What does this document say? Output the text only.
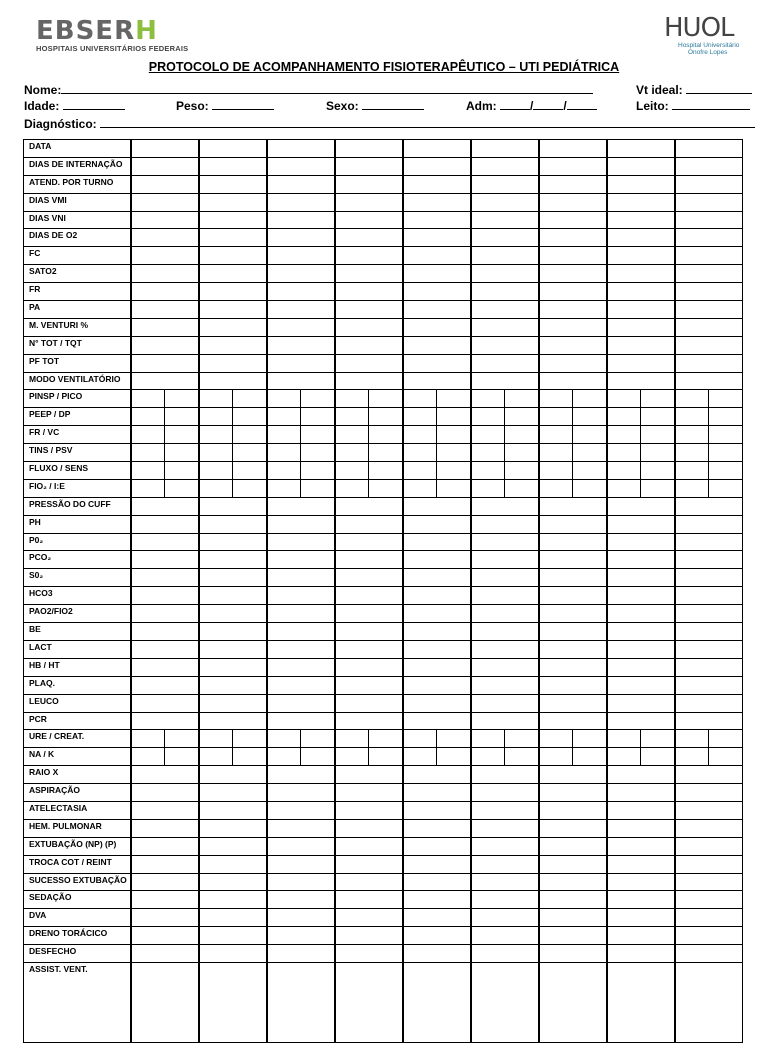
EBSERH
HOSPITAIS UNIVERSITÁRIOS FEDERAIS
HUOL
Hospital Universitário
Onofre Lopes
PROTOCOLO DE ACOMPANHAMENTO FISIOTERAPÊUTICO – UTI PEDIÁTRICA
Nome:	Vt ideal:
Idade:	Peso:	Sexo:	Adm:	/	/	Leito:
Diagnóstico:
DATA																		
DIAS DE INTERNAÇÃO																		
ATEND. POR TURNO																		
DIAS VMI																		
DIAS VNI																		
DIAS DE O2																		
FC																		
SATO2																		
FR																		
PA																		
M. VENTURI %																		
N° TOT / TQT																		
PF TOT																		
MODO VENTILATÓRIO																		
PINSP / PICO																		
PEEP / DP																		
FR / VC																		
TINS / PSV																		
FLUXO / SENS																		
FIO₂ / I:E																		
PRESSÃO DO CUFF																		
PH																		
P0₂																		
PCO₂																		
S0₂																		
HCO3																		
PAO2/FIO2																		
BE																		
LACT																		
HB / HT																		
PLAQ.																		
LEUCO																		
PCR																		
URE / CREAT.																		
NA / K																		
RAIO X																		
ASPIRAÇÃO																		
ATELECTASIA																		
HEM. PULMONAR																		
EXTUBAÇÃO (NP) (P)																		
TROCA COT / REINT																		
SUCESSO EXTUBAÇÃO																		
SEDAÇÃO																		
DVA																		
DRENO TORÁCICO																		
DESFECHO																		
ASSIST. VENT.																		
